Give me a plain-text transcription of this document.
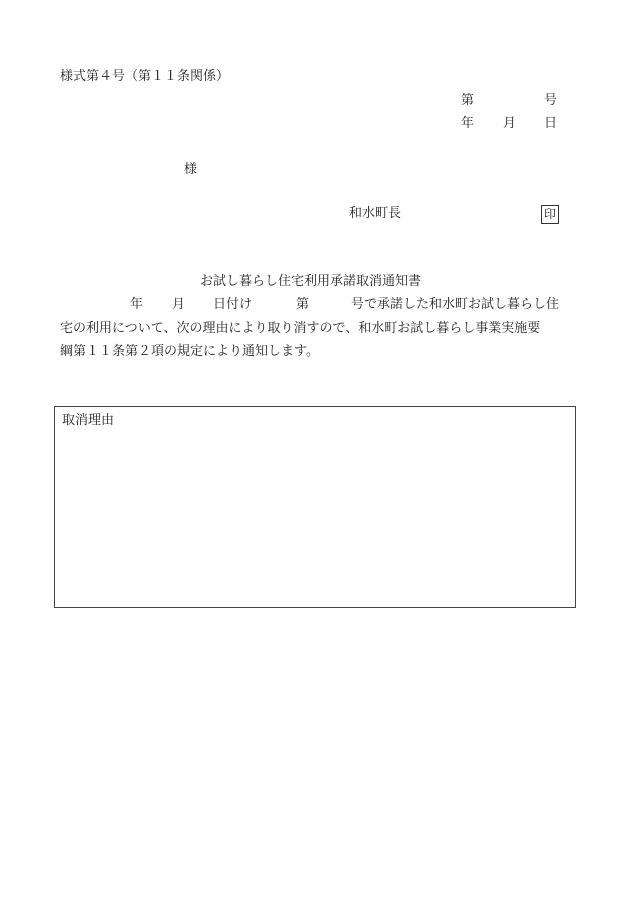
様式第４号（第１１条関係）
第	号
年 月 日
様
和水町長	印
お試し暮らし住宅利用承諾取消通知書
年 月 日付け	第	号で承諾した和水町お試し暮らし住
宅の利用について、次の理由により取り消すので、和水町お試し暮らし事業実施要
綱第１１条第２項の規定により通知します。
取消理由
